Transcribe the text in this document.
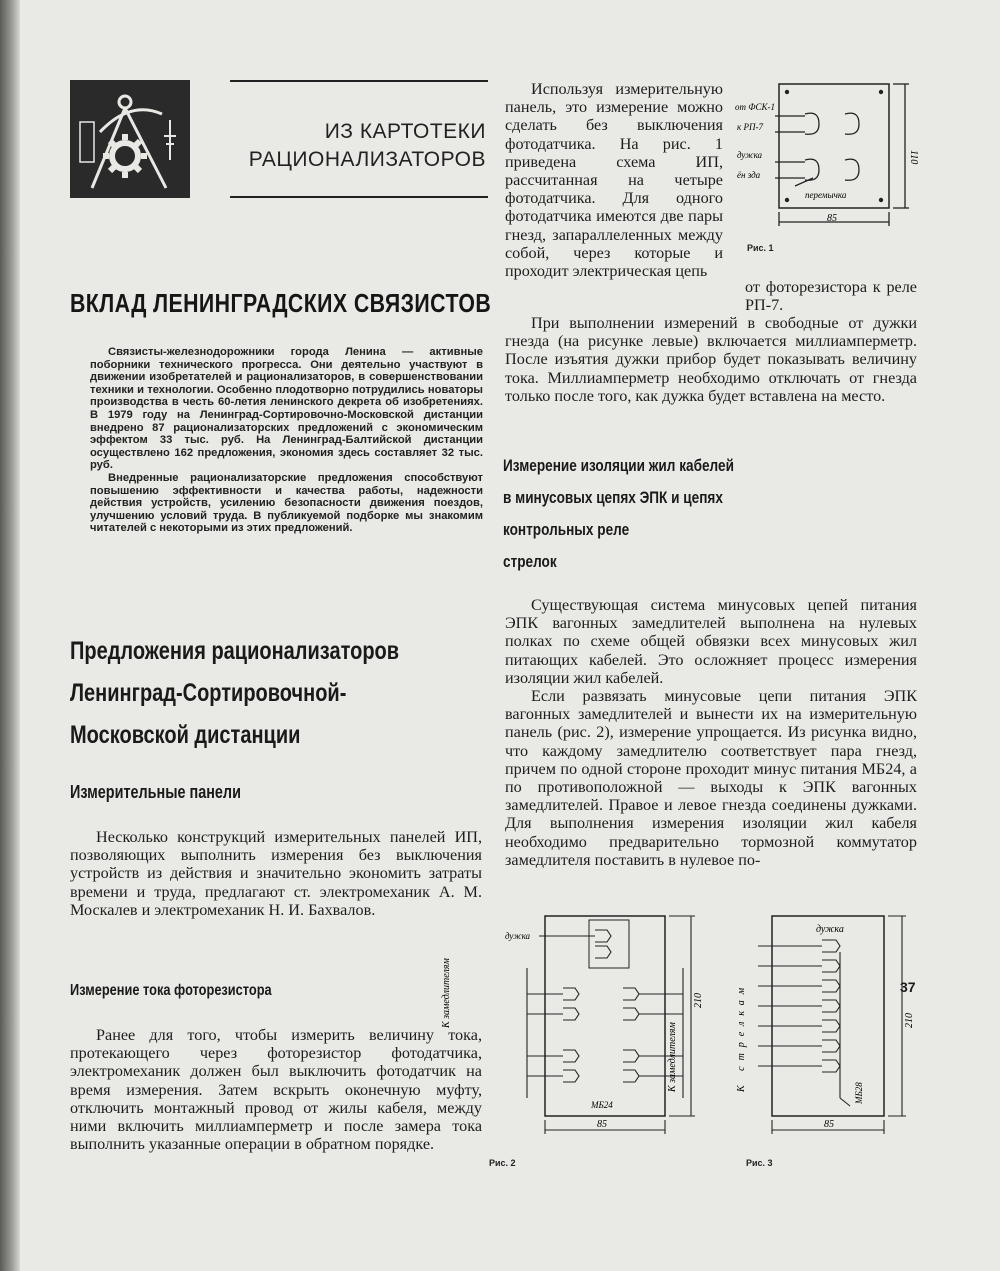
ИЗ КАРТОТЕКИ
РАЦИОНАЛИЗАТОРОВ
ВКЛАД ЛЕНИНГРАДСКИХ СВЯЗИСТОВ

Связисты-железнодорожники города Ленина — активные поборники технического прогресса. Они деятельно участвуют в движении изобретателей и рационализаторов, в совершенствовании техники и технологии. Особенно плодотворно потрудились новаторы производства в честь 60-летия ленинского декрета об изобретениях. В 1979 году на Ленинград-Сортировочно-Московской дистанции внедрено 87 рационализаторских предложений с экономическим эффектом 33 тыс. руб. На Ленинград-Балтийской дистанции осуществлено 162 предложения, экономия здесь составляет 32 тыс. руб.

Внедренные рационализаторские предложения способствуют повышению эффективности и качества работы, надежности действия устройств, усилению безопасности движения поездов, улучшению условий труда. В публикуемой подборке мы знакомим читателей с некоторыми из этих предложений.

Предложения рационализаторов Ленинград-Сортировочной-Московской дистанции
Измерительные панели

Несколько конструкций измерительных панелей ИП, позволяющих выполнить измерения без выключения устройств из действия и значительно экономить затраты времени и труда, предлагают ст. электромеханик А. М. Москалев и электромеханик Н. И. Бахвалов.

Измерение тока фоторезистора

Ранее для того, чтобы измерить величину тока, протекающего через фоторезистор фотодатчика, электромеханик должен был выключить фотодатчик на время измерения. Затем вскрыть оконечную муфту, отключить монтажный провод от жилы кабеля, между ними включить миллиамперметр и после замера тока выполнить указанные операции в обратном порядке.

Используя измерительную панель, это измерение можно сделать без выключения фотодатчика. На рис. 1 приведена схема ИП, рассчитанная на четыре фотодатчика. Для одного фотодатчика имеются две пары гнезд, запараллеленных между собой, через которые и проходит электрическая цепь

от фоторезистора к реле РП-7.

При выполнении измерений в свободные от дужки гнезда (на рисунке левые) включается миллиамперметр. После изъятия дужки прибор будет показывать величину тока. Миллиамперметр необходимо отключать от гнезда только после того, как дужка будет вставлена на место.

Измерение изоляции жил кабелей
в минусовых цепях ЭПК и цепях
контрольных реле
стрелок

Существующая система минусовых цепей питания ЭПК вагонных замедлителей выполнена на нулевых полках по схеме общей обвязки всех минусовых жил питающих кабелей. Это осложняет процесс измерения изоляции жил кабелей.

Если развязать минусовые цепи питания ЭПК вагонных замедлителей и вынести их на измерительную панель (рис. 2), измерение упрощается. Из рисунка видно, что каждому замедлителю соответствует пара гнезд, причем по одной стороне проходит минус питания МБ24, а по противоположной — выходы к ЭПК вагонных замедлителей. Правое и левое гнезда соединены дужками. Для выполнения измерения изоляции жил кабеля необходимо предварительно тормозной коммутатор замедлителя поставить в нулевое по-

от ФСК-1
к РП-7
дужка
ён зда
перемычка
85
110
Рис. 1
дужка
К замедлителям
К замедлителям
МБ24
85
210
Рис. 2
дужка
К стрелкам
МБ28
85
210
Рис. 3
37
